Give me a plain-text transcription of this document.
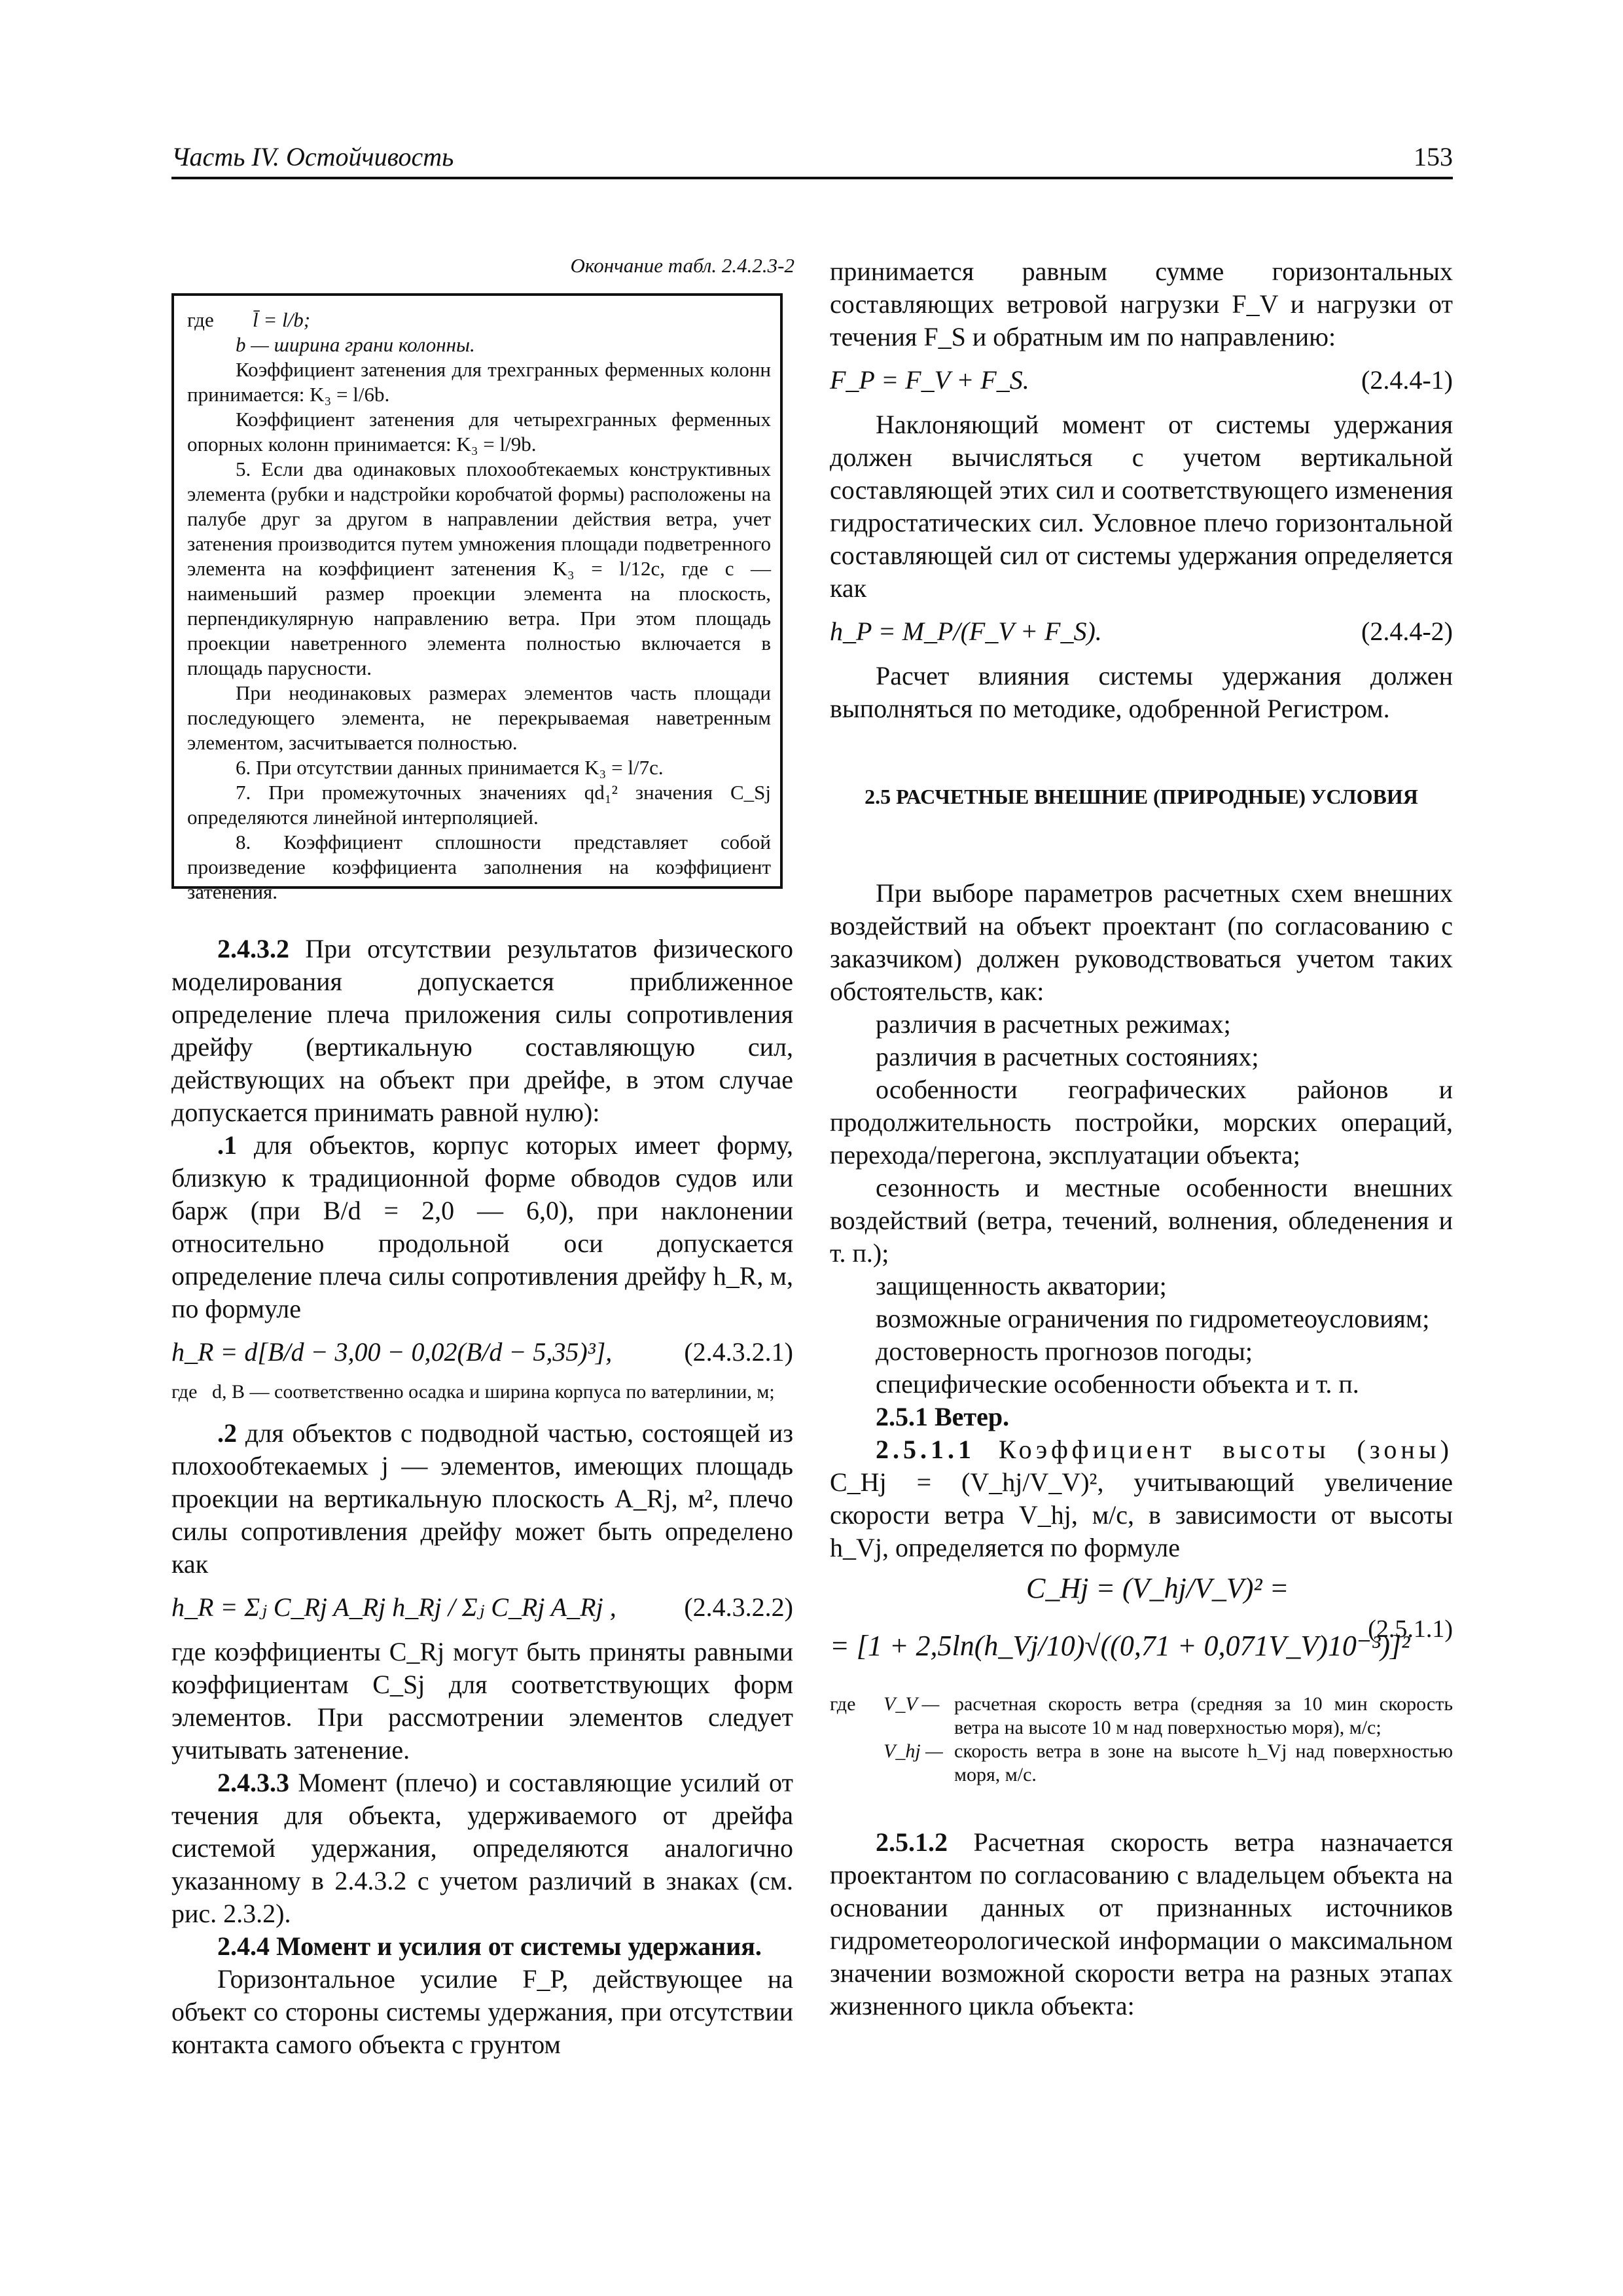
Часть IV. Остойчивость	153
Окончание табл. 2.4.2.3-2
где l̄ = l/b;

b — ширина грани колонны.

Коэффициент затенения для трехгранных ферменных колонн принимается: K₃ = l/6b.

Коэффициент затенения для четырехгранных ферменных опорных колонн принимается: K₃ = l/9b.

5. Если два одинаковых плохообтекаемых конструктивных элемента (рубки и надстройки коробчатой формы) расположены на палубе друг за другом в направлении действия ветра, учет затенения производится путем умножения площади подветренного элемента на коэффициент затенения K₃ = l/12c, где c — наименьший размер проекции элемента на плоскость, перпендикулярную направлению ветра. При этом площадь проекции наветренного элемента полностью включается в площадь парусности.

При неодинаковых размерах элементов часть площади последующего элемента, не перекрываемая наветренным элементом, засчитывается полностью.

6. При отсутствии данных принимается K₃ = l/7c.

7. При промежуточных значениях qd₁² значения C_Sj определяются линейной интерполяцией.

8. Коэффициент сплошности представляет собой произведение коэффициента заполнения на коэффициент затенения.

2.4.3.2 При отсутствии результатов физического моделирования допускается приближенное определение плеча приложения силы сопротивления дрейфу (вертикальную составляющую сил, действующих на объект при дрейфе, в этом случае допускается принимать равной нулю):

.1 для объектов, корпус которых имеет форму, близкую к традиционной форме обводов судов или барж (при B/d = 2,0 — 6,0), при наклонении относительно продольной оси допускается определение плеча силы сопротивления дрейфу h_R, м, по формуле

h_R = d[B/d − 3,00 − 0,02(B/d − 5,35)³],	(2.4.3.2.1)
где d, B — соответственно осадка и ширина корпуса по ватерлинии, м;

.2 для объектов с подводной частью, состоящей из плохообтекаемых j — элементов, имеющих площадь проекции на вертикальную плоскость A_Rj, м², плечо силы сопротивления дрейфу может быть определено как

h_R = Σⱼ C_Rj A_Rj h_Rj / Σⱼ C_Rj A_Rj ,	(2.4.3.2.2)

где коэффициенты C_Rj могут быть приняты равными коэффициентам C_Sj для соответствующих форм элементов. При рассмотрении элементов следует учитывать затенение.

2.4.3.3 Момент (плечо) и составляющие усилий от течения для объекта, удерживаемого от дрейфа системой удержания, определяются аналогично указанному в 2.4.3.2 с учетом различий в знаках (см. рис. 2.3.2).

2.4.4 Момент и усилия от системы удержания.

Горизонтальное усилие F_P, действующее на объект со стороны системы удержания, при отсутствии контакта самого объекта с грунтом

принимается равным сумме горизонтальных составляющих ветровой нагрузки F_V и нагрузки от течения F_S и обратным им по направлению:

F_P = F_V + F_S.	(2.4.4-1)

Наклоняющий момент от системы удержания должен вычисляться с учетом вертикальной составляющей этих сил и соответствующего изменения гидростатических сил. Условное плечо горизонтальной составляющей сил от системы удержания определяется как

h_P = M_P/(F_V + F_S).	(2.4.4-2)

Расчет влияния системы удержания должен выполняться по методике, одобренной Регистром.

2.5 РАСЧЕТНЫЕ ВНЕШНИЕ (ПРИРОДНЫЕ) УСЛОВИЯ

При выборе параметров расчетных схем внешних воздействий на объект проектант (по согласованию с заказчиком) должен руководствоваться учетом таких обстоятельств, как:

различия в расчетных режимах;

различия в расчетных состояниях;

особенности географических районов и продолжительность постройки, морских операций, перехода/перегона, эксплуатации объекта;

сезонность и местные особенности внешних воздействий (ветра, течений, волнения, обледенения и т. п.);

защищенность акватории;

возможные ограничения по гидрометеоусловиям;

достоверность прогнозов погоды;

специфические особенности объекта и т. п.

2.5.1 Ветер.

2.5.1.1 Коэффициент высоты (зоны) C_Hj = (V_hj/V_V)², учитывающий увеличение скорости ветра V_hj, м/с, в зависимости от высоты h_Vj, определяется по формуле

C_Hj = (V_hj/V_V)² =
= [1 + 2,5ln(h_Vj/10)√((0,71 + 0,071V_V)10⁻³)]²
(2.5.1.1)
где V_V — расчетная скорость ветра (средняя за 10 мин скорость ветра на высоте 10 м над поверхностью моря), м/с;
V_hj — скорость ветра в зоне на высоте h_Vj над поверхностью моря, м/с.

2.5.1.2 Расчетная скорость ветра назначается проектантом по согласованию с владельцем объекта на основании данных от признанных источников гидрометеорологической информации о максимальном значении возможной скорости ветра на разных этапах жизненного цикла объекта:
